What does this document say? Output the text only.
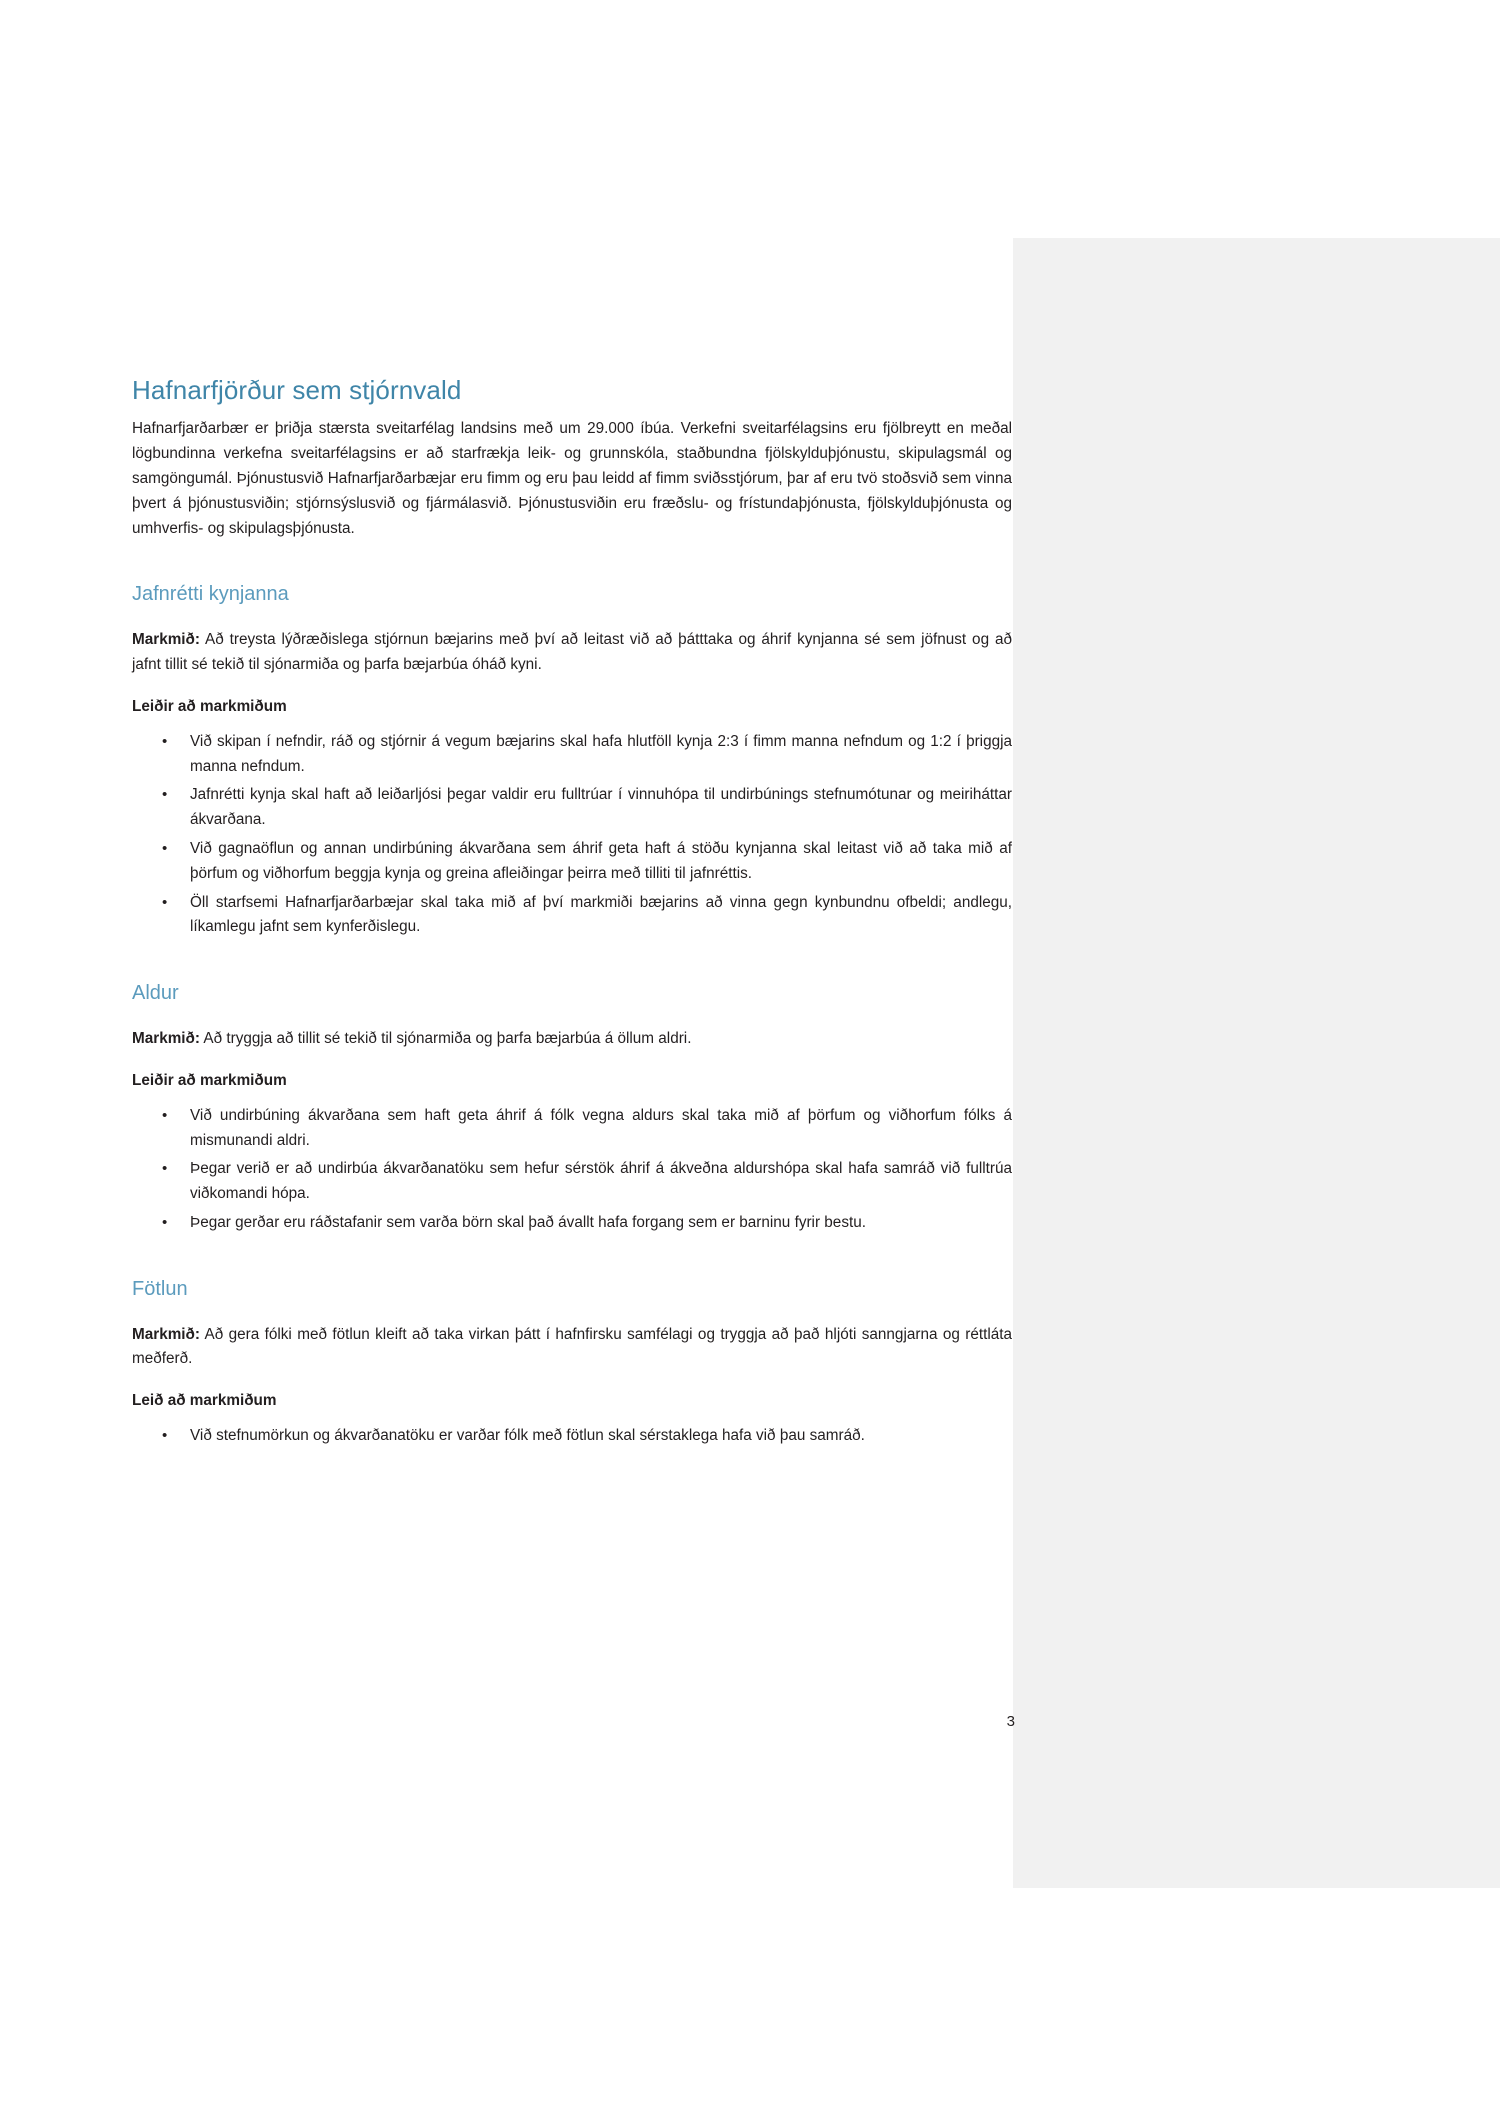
Hafnarfjörður sem stjórnvald

Hafnarfjarðarbær er þriðja stærsta sveitarfélag landsins með um 29.000 íbúa. Verkefni sveitarfélagsins eru fjölbreytt en meðal lögbundinna verkefna sveitarfélagsins er að starfrækja leik- og grunnskóla, staðbundna fjölskylduþjónustu, skipulagsmál og samgöngumál. Þjónustusvið Hafnarfjarðarbæjar eru fimm og eru þau leidd af fimm sviðsstjórum, þar af eru tvö stoðsvið sem vinna þvert á þjónustusviðin; stjórnsýslusvið og fjármálasvið. Þjónustusviðin eru fræðslu- og frístundaþjónusta, fjölskylduþjónusta og umhverfis- og skipulagsþjónusta.

Jafnrétti kynjanna

Markmið: Að treysta lýðræðislega stjórnun bæjarins með því að leitast við að þátttaka og áhrif kynjanna sé sem jöfnust og að jafnt tillit sé tekið til sjónarmiða og þarfa bæjarbúa óháð kyni.

Leiðir að markmiðum

• Við skipan í nefndir, ráð og stjórnir á vegum bæjarins skal hafa hlutföll kynja 2:3 í fimm manna nefndum og 1:2 í þriggja manna nefndum.
• Jafnrétti kynja skal haft að leiðarljósi þegar valdir eru fulltrúar í vinnuhópa til undirbúnings stefnumótunar og meiriháttar ákvarðana.
• Við gagnaöflun og annan undirbúning ákvarðana sem áhrif geta haft á stöðu kynjanna skal leitast við að taka mið af þörfum og viðhorfum beggja kynja og greina afleiðingar þeirra með tilliti til jafnréttis.
• Öll starfsemi Hafnarfjarðarbæjar skal taka mið af því markmiði bæjarins að vinna gegn kynbundnu ofbeldi; andlegu, líkamlegu jafnt sem kynferðislegu.
Aldur

Markmið: Að tryggja að tillit sé tekið til sjónarmiða og þarfa bæjarbúa á öllum aldri.

Leiðir að markmiðum

• Við undirbúning ákvarðana sem haft geta áhrif á fólk vegna aldurs skal taka mið af þörfum og viðhorfum fólks á mismunandi aldri.
• Þegar verið er að undirbúa ákvarðanatöku sem hefur sérstök áhrif á ákveðna aldurshópa skal hafa samráð við fulltrúa viðkomandi hópa.
• Þegar gerðar eru ráðstafanir sem varða börn skal það ávallt hafa forgang sem er barninu fyrir bestu.
Fötlun

Markmið: Að gera fólki með fötlun kleift að taka virkan þátt í hafnfirsku samfélagi og tryggja að það hljóti sanngjarna og réttláta meðferð.

Leið að markmiðum

• Við stefnumörkun og ákvarðanatöku er varðar fólk með fötlun skal sérstaklega hafa við þau samráð.
3
